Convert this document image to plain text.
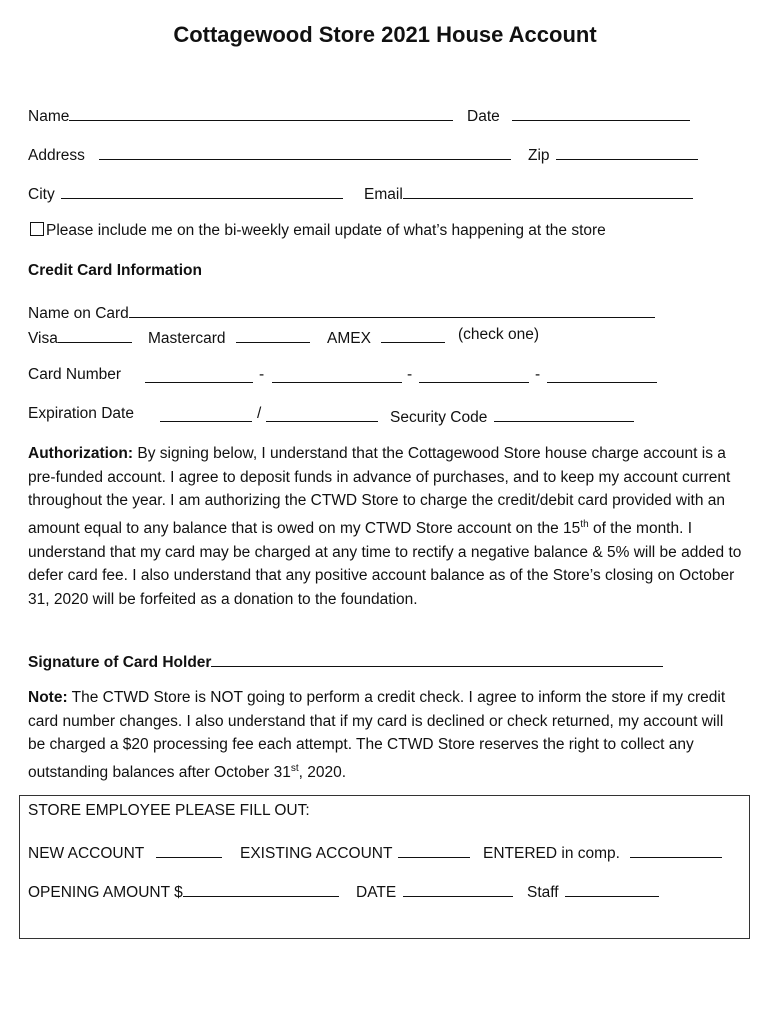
Cottagewood Store 2021 House Account
Name	Date
Address	Zip
City	Email
Please include me on the bi-weekly email update of what’s happening at the store
Credit Card Information
Name on Card
Visa	Mastercard	AMEX	(check one)
Card Number	-	-	-
Expiration Date	/	Security Code
Authorization: By signing below, I understand that the Cottagewood Store house charge account is a pre-funded account. I agree to deposit funds in advance of purchases, and to keep my account current throughout the year. I am authorizing the CTWD Store to charge the credit/debit card provided with an amount equal to any balance that is owed on my CTWD Store account on the 15th of the month. I understand that my card may be charged at any time to rectify a negative balance & 5% will be added to defer card fee. I also understand that any positive account balance as of the Store’s closing on October 31, 2020 will be forfeited as a donation to the foundation.
Signature of Card Holder
Note: The CTWD Store is NOT going to perform a credit check. I agree to inform the store if my credit card number changes. I also understand that if my card is declined or check returned, my account will be charged a $20 processing fee each attempt. The CTWD Store reserves the right to collect any outstanding balances after October 31st, 2020.
STORE EMPLOYEE PLEASE FILL OUT:
NEW ACCOUNT	EXISTING ACCOUNT	ENTERED in comp.
OPENING AMOUNT $	DATE	Staff
